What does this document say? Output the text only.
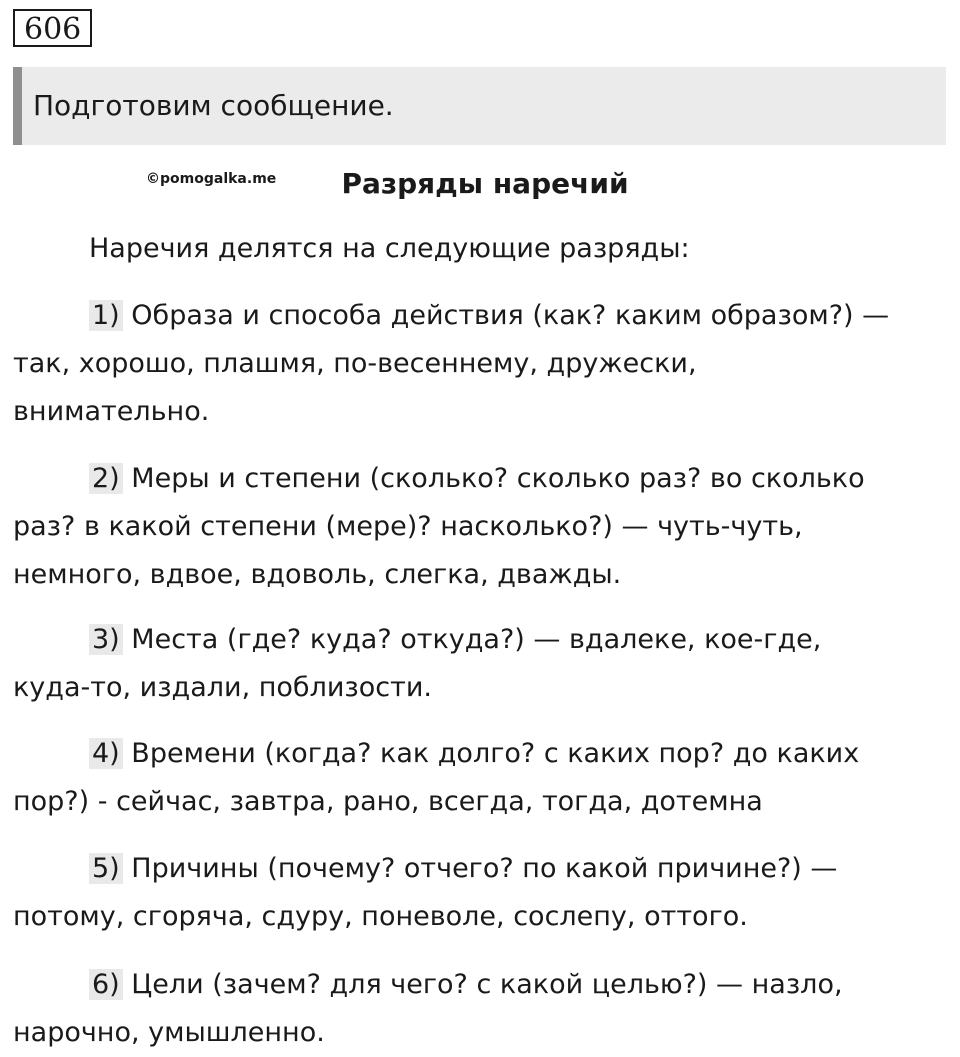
606
Подготовим сообщение.
©pomogalka.me	Разряды наречий
Наречия делятся на следующие разряды:
1) Образа и способа действия (как? каким образом?) —
так, хорошо, плашмя, по-весеннему, дружески,
внимательно.
2) Меры и степени (сколько? сколько раз? во сколько
раз? в какой степени (мере)? насколько?) — чуть-чуть,
немного, вдвое, вдоволь, слегка, дважды.
3) Места (где? куда? откуда?) — вдалеке, кое-где,
куда-то, издали, поблизости.
4) Времени (когда? как долго? с каких пор? до каких
пор?) - сейчас, завтра, рано, всегда, тогда, дотемна
5) Причины (почему? отчего? по какой причине?) —
потому, сгоряча, сдуру, поневоле, сослепу, оттого.
6) Цели (зачем? для чего? с какой целью?) — назло,
нарочно, умышленно.
